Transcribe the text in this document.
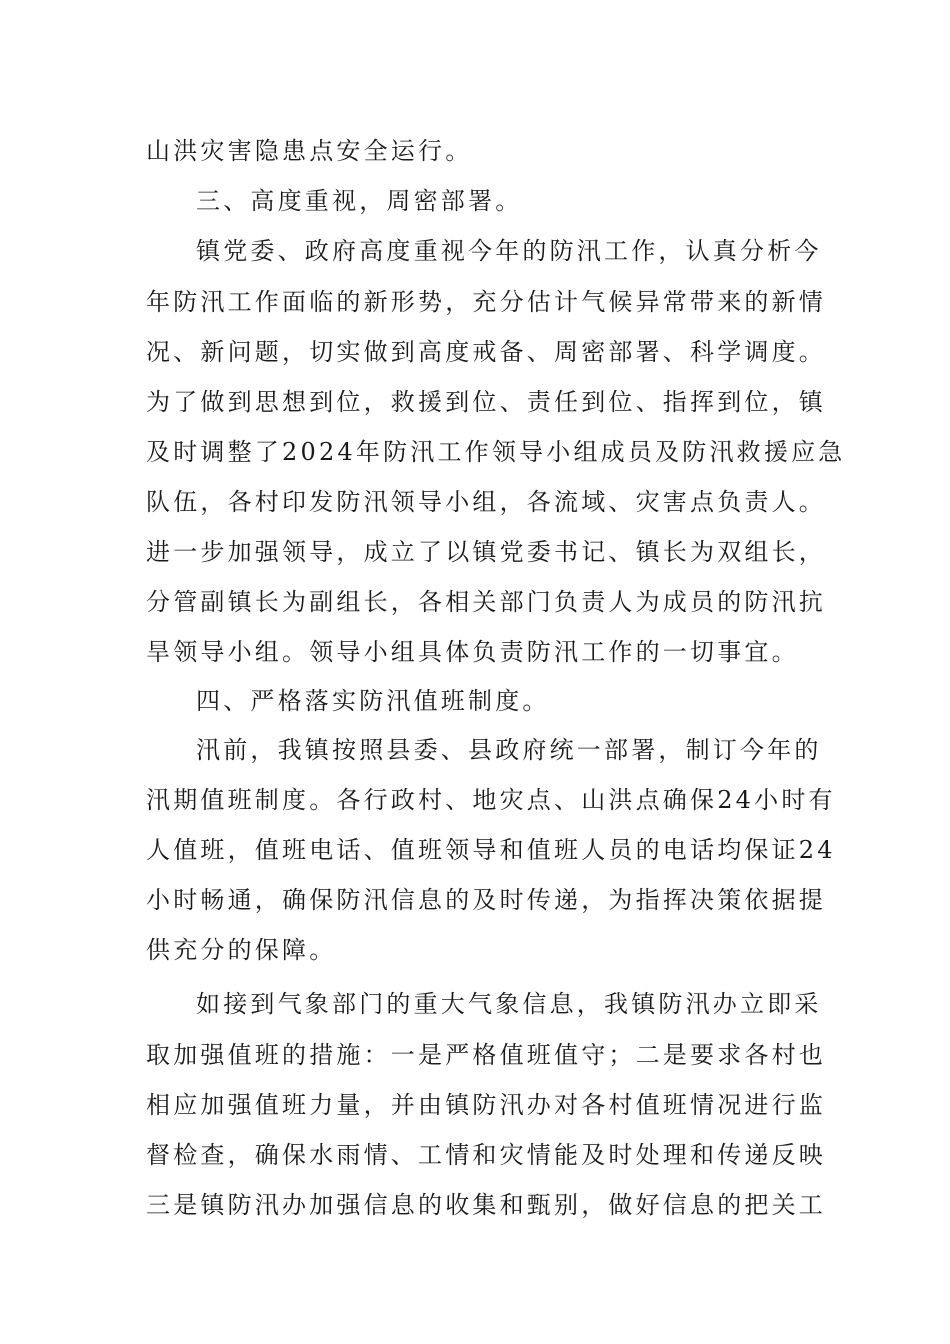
山洪灾害隐患点安全运行。
三、高度重视，周密部署。
镇党委、政府高度重视今年的防汛工作，认真分析今
年防汛工作面临的新形势，充分估计气候异常带来的新情
况、新问题，切实做到高度戒备、周密部署、科学调度。
为了做到思想到位，救援到位、责任到位、指挥到位，镇
及时调整了2024年防汛工作领导小组成员及防汛救援应急
队伍，各村印发防汛领导小组，各流域、灾害点负责人。
进一步加强领导，成立了以镇党委书记、镇长为双组长，
分管副镇长为副组长，各相关部门负责人为成员的防汛抗
旱领导小组。领导小组具体负责防汛工作的一切事宜。
四、严格落实防汛值班制度。
汛前，我镇按照县委、县政府统一部署，制订今年的
汛期值班制度。各行政村、地灾点、山洪点确保24小时有
人值班，值班电话、值班领导和值班人员的电话均保证24
小时畅通，确保防汛信息的及时传递，为指挥决策依据提
供充分的保障。
如接到气象部门的重大气象信息，我镇防汛办立即采
取加强值班的措施：一是严格值班值守；二是要求各村也
相应加强值班力量，并由镇防汛办对各村值班情况进行监
督检查，确保水雨情、工情和灾情能及时处理和传递反映
三是镇防汛办加强信息的收集和甄别，做好信息的把关工
